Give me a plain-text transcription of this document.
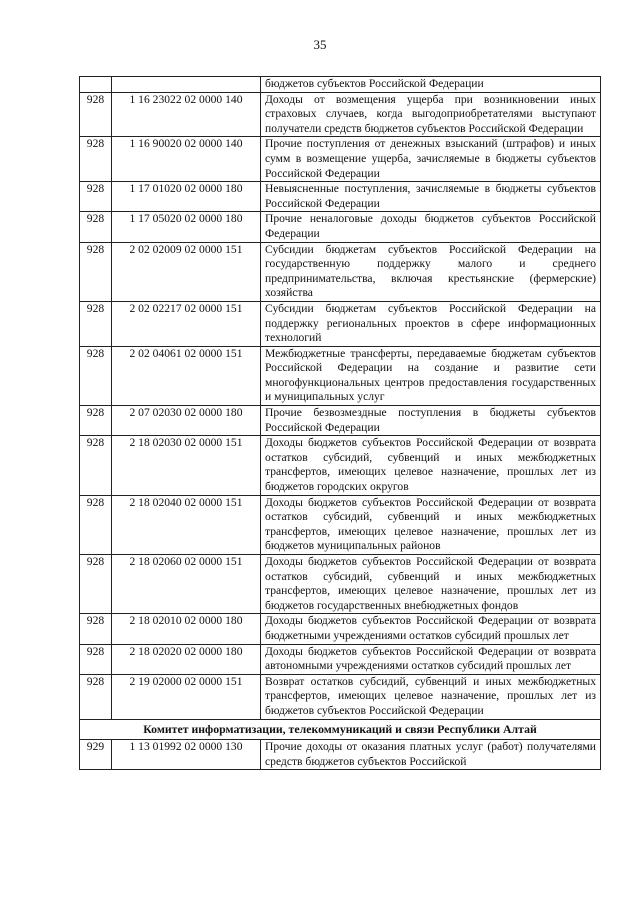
35
		бюджетов субъектов Российской Федерации
928	1 16 23022 02 0000 140	Доходы от возмещения ущерба при возникновении иных страховых случаев, когда выгодоприобретателями выступают получатели средств бюджетов субъектов Российской Федерации
928	1 16 90020 02 0000 140	Прочие поступления от денежных взысканий (штрафов) и иных сумм в возмещение ущерба, зачисляемые в бюджеты субъектов Российской Федерации
928	1 17 01020 02 0000 180	Невыясненные поступления, зачисляемые в бюджеты субъектов Российской Федерации
928	1 17 05020 02 0000 180	Прочие неналоговые доходы бюджетов субъектов Российской Федерации
928	2 02 02009 02 0000 151	Субсидии бюджетам субъектов Российской Федерации на государственную поддержку малого и среднего предпринимательства, включая крестьянские (фермерские) хозяйства
928	2 02 02217 02 0000 151	Субсидии бюджетам субъектов Российской Федерации на поддержку региональных проектов в сфере информационных технологий
928	2 02 04061 02 0000 151	Межбюджетные трансферты, передаваемые бюджетам субъектов Российской Федерации на создание и развитие сети многофункциональных центров предоставления государственных и муниципальных услуг
928	2 07 02030 02 0000 180	Прочие безвозмездные поступления в бюджеты субъектов Российской Федерации
928	2 18 02030 02 0000 151	Доходы бюджетов субъектов Российской Федерации от возврата остатков субсидий, субвенций и иных межбюджетных трансфертов, имеющих целевое назначение, прошлых лет из бюджетов городских округов
928	2 18 02040 02 0000 151	Доходы бюджетов субъектов Российской Федерации от возврата остатков субсидий, субвенций и иных межбюджетных трансфертов, имеющих целевое назначение, прошлых лет из бюджетов муниципальных районов
928	2 18 02060 02 0000 151	Доходы бюджетов субъектов Российской Федерации от возврата остатков субсидий, субвенций и иных межбюджетных трансфертов, имеющих целевое назначение, прошлых лет из бюджетов государственных внебюджетных фондов
928	2 18 02010 02 0000 180	Доходы бюджетов субъектов Российской Федерации от возврата бюджетными учреждениями остатков субсидий прошлых лет
928	2 18 02020 02 0000 180	Доходы бюджетов субъектов Российской Федерации от возврата автономными учреждениями остатков субсидий прошлых лет
928	2 19 02000 02 0000 151	Возврат остатков субсидий, субвенций и иных межбюджетных трансфертов, имеющих целевое назначение, прошлых лет из бюджетов субъектов Российской Федерации
Комитет информатизации, телекоммуникаций и связи Республики Алтай		
929	1 13 01992 02 0000 130	Прочие доходы от оказания платных услуг (работ) получателями средств бюджетов субъектов Российской
